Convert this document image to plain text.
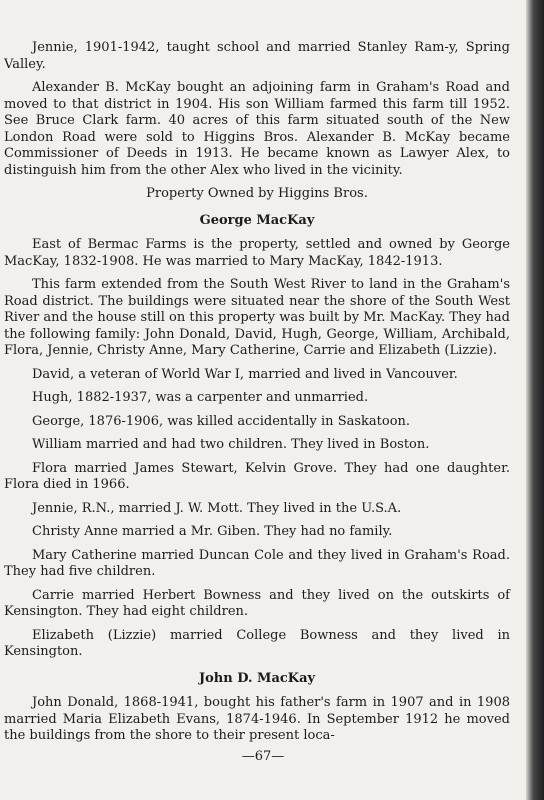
Jennie, 1901-1942, taught school and married Stanley Ram-y, Spring Valley.

Alexander B. McKay bought an adjoining farm in Graham's Road and moved to that district in 1904. His son William farmed this farm till 1952. See Bruce Clark farm. 40 acres of this farm situated south of the New London Road were sold to Higgins Bros. Alexander B. McKay became Commissioner of Deeds in 1913. He became known as Lawyer Alex, to distinguish him from the other Alex who lived in the vicinity.

Property Owned by Higgins Bros.

George MacKay

East of Bermac Farms is the property, settled and owned by George MacKay, 1832-1908. He was married to Mary MacKay, 1842-1913.

This farm extended from the South West River to land in the Graham's Road district. The buildings were situated near the shore of the South West River and the house still on this property was built by Mr. MacKay. They had the following family: John Donald, David, Hugh, George, William, Archibald, Flora, Jennie, Christy Anne, Mary Catherine, Carrie and Elizabeth (Lizzie).

David, a veteran of World War I, married and lived in Vancouver.

Hugh, 1882-1937, was a carpenter and unmarried.

George, 1876-1906, was killed accidentally in Saskatoon.

William married and had two children. They lived in Boston.

Flora married James Stewart, Kelvin Grove. They had one daughter. Flora died in 1966.

Jennie, R.N., married J. W. Mott. They lived in the U.S.A.

Christy Anne married a Mr. Giben. They had no family.

Mary Catherine married Duncan Cole and they lived in Graham's Road. They had five children.

Carrie married Herbert Bowness and they lived on the outskirts of Kensington. They had eight children.

Elizabeth (Lizzie) married College Bowness and they lived in Kensington.

John D. MacKay

John Donald, 1868-1941, bought his father's farm in 1907 and in 1908 married Maria Elizabeth Evans, 1874-1946. In September 1912 he moved the buildings from the shore to their present loca-

—67—
